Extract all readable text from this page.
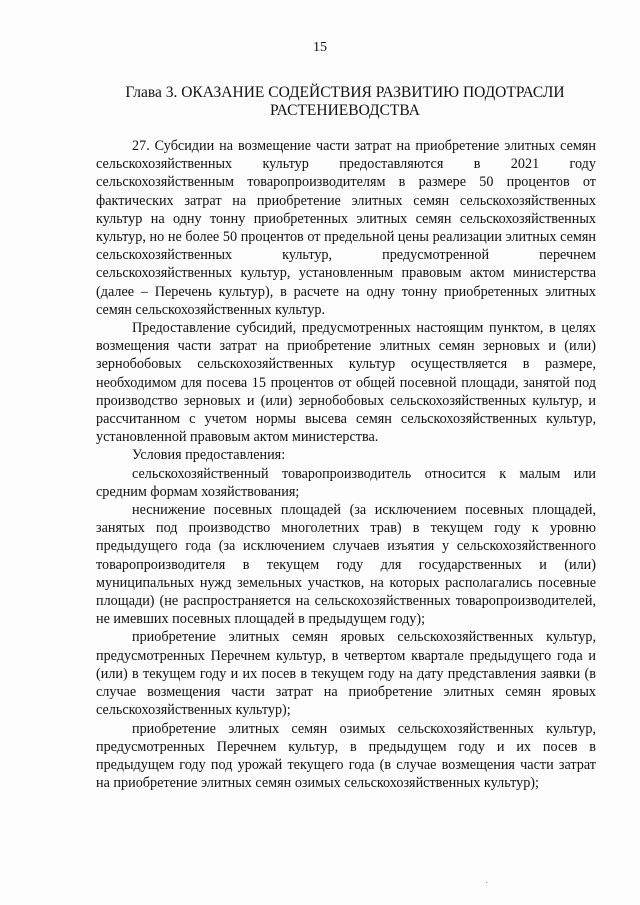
15
Глава 3. ОКАЗАНИЕ СОДЕЙСТВИЯ РАЗВИТИЮ ПОДОТРАСЛИ
РАСТЕНИЕВОДСТВА

27. Субсидии на возмещение части затрат на приобретение элитных семян сельскохозяйственных культур предоставляются в 2021 году сельскохозяйственным товаропроизводителям в размере 50 процентов от фактических затрат на приобретение элитных семян сельскохозяйственных культур на одну тонну приобретенных элитных семян сельскохозяйственных культур, но не более 50 процентов от предельной цены реализации элитных семян сельскохозяйственных культур, предусмотренной перечнем сельскохозяйственных культур, установленным правовым актом министерства (далее – Перечень культур), в расчете на одну тонну приобретенных элитных семян сельскохозяйственных культур.

Предоставление субсидий, предусмотренных настоящим пунктом, в целях возмещения части затрат на приобретение элитных семян зерновых и (или) зернобобовых сельскохозяйственных культур осуществляется в размере, необходимом для посева 15 процентов от общей посевной площади, занятой под производство зерновых и (или) зернобобовых сельскохозяйственных культур, и рассчитанном с учетом нормы высева семян сельскохозяйственных культур, установленной правовым актом министерства.

Условия предоставления:

сельскохозяйственный товаропроизводитель относится к малым или средним формам хозяйствования;

неснижение посевных площадей (за исключением посевных площадей, занятых под производство многолетних трав) в текущем году к уровню предыдущего года (за исключением случаев изъятия у сельскохозяйственного товаропроизводителя в текущем году для государственных и (или) муниципальных нужд земельных участков, на которых располагались посевные площади) (не распространяется на сельскохозяйственных товаропроизводителей, не имевших посевных площадей в предыдущем году);

приобретение элитных семян яровых сельскохозяйственных культур, предусмотренных Перечнем культур, в четвертом квартале предыдущего года и (или) в текущем году и их посев в текущем году на дату представления заявки (в случае возмещения части затрат на приобретение элитных семян яровых сельскохозяйственных культур);

приобретение элитных семян озимых сельскохозяйственных культур, предусмотренных Перечнем культур, в предыдущем году и их посев в предыдущем году под урожай текущего года (в случае возмещения части затрат на приобретение элитных семян озимых сельскохозяйственных культур);

·
